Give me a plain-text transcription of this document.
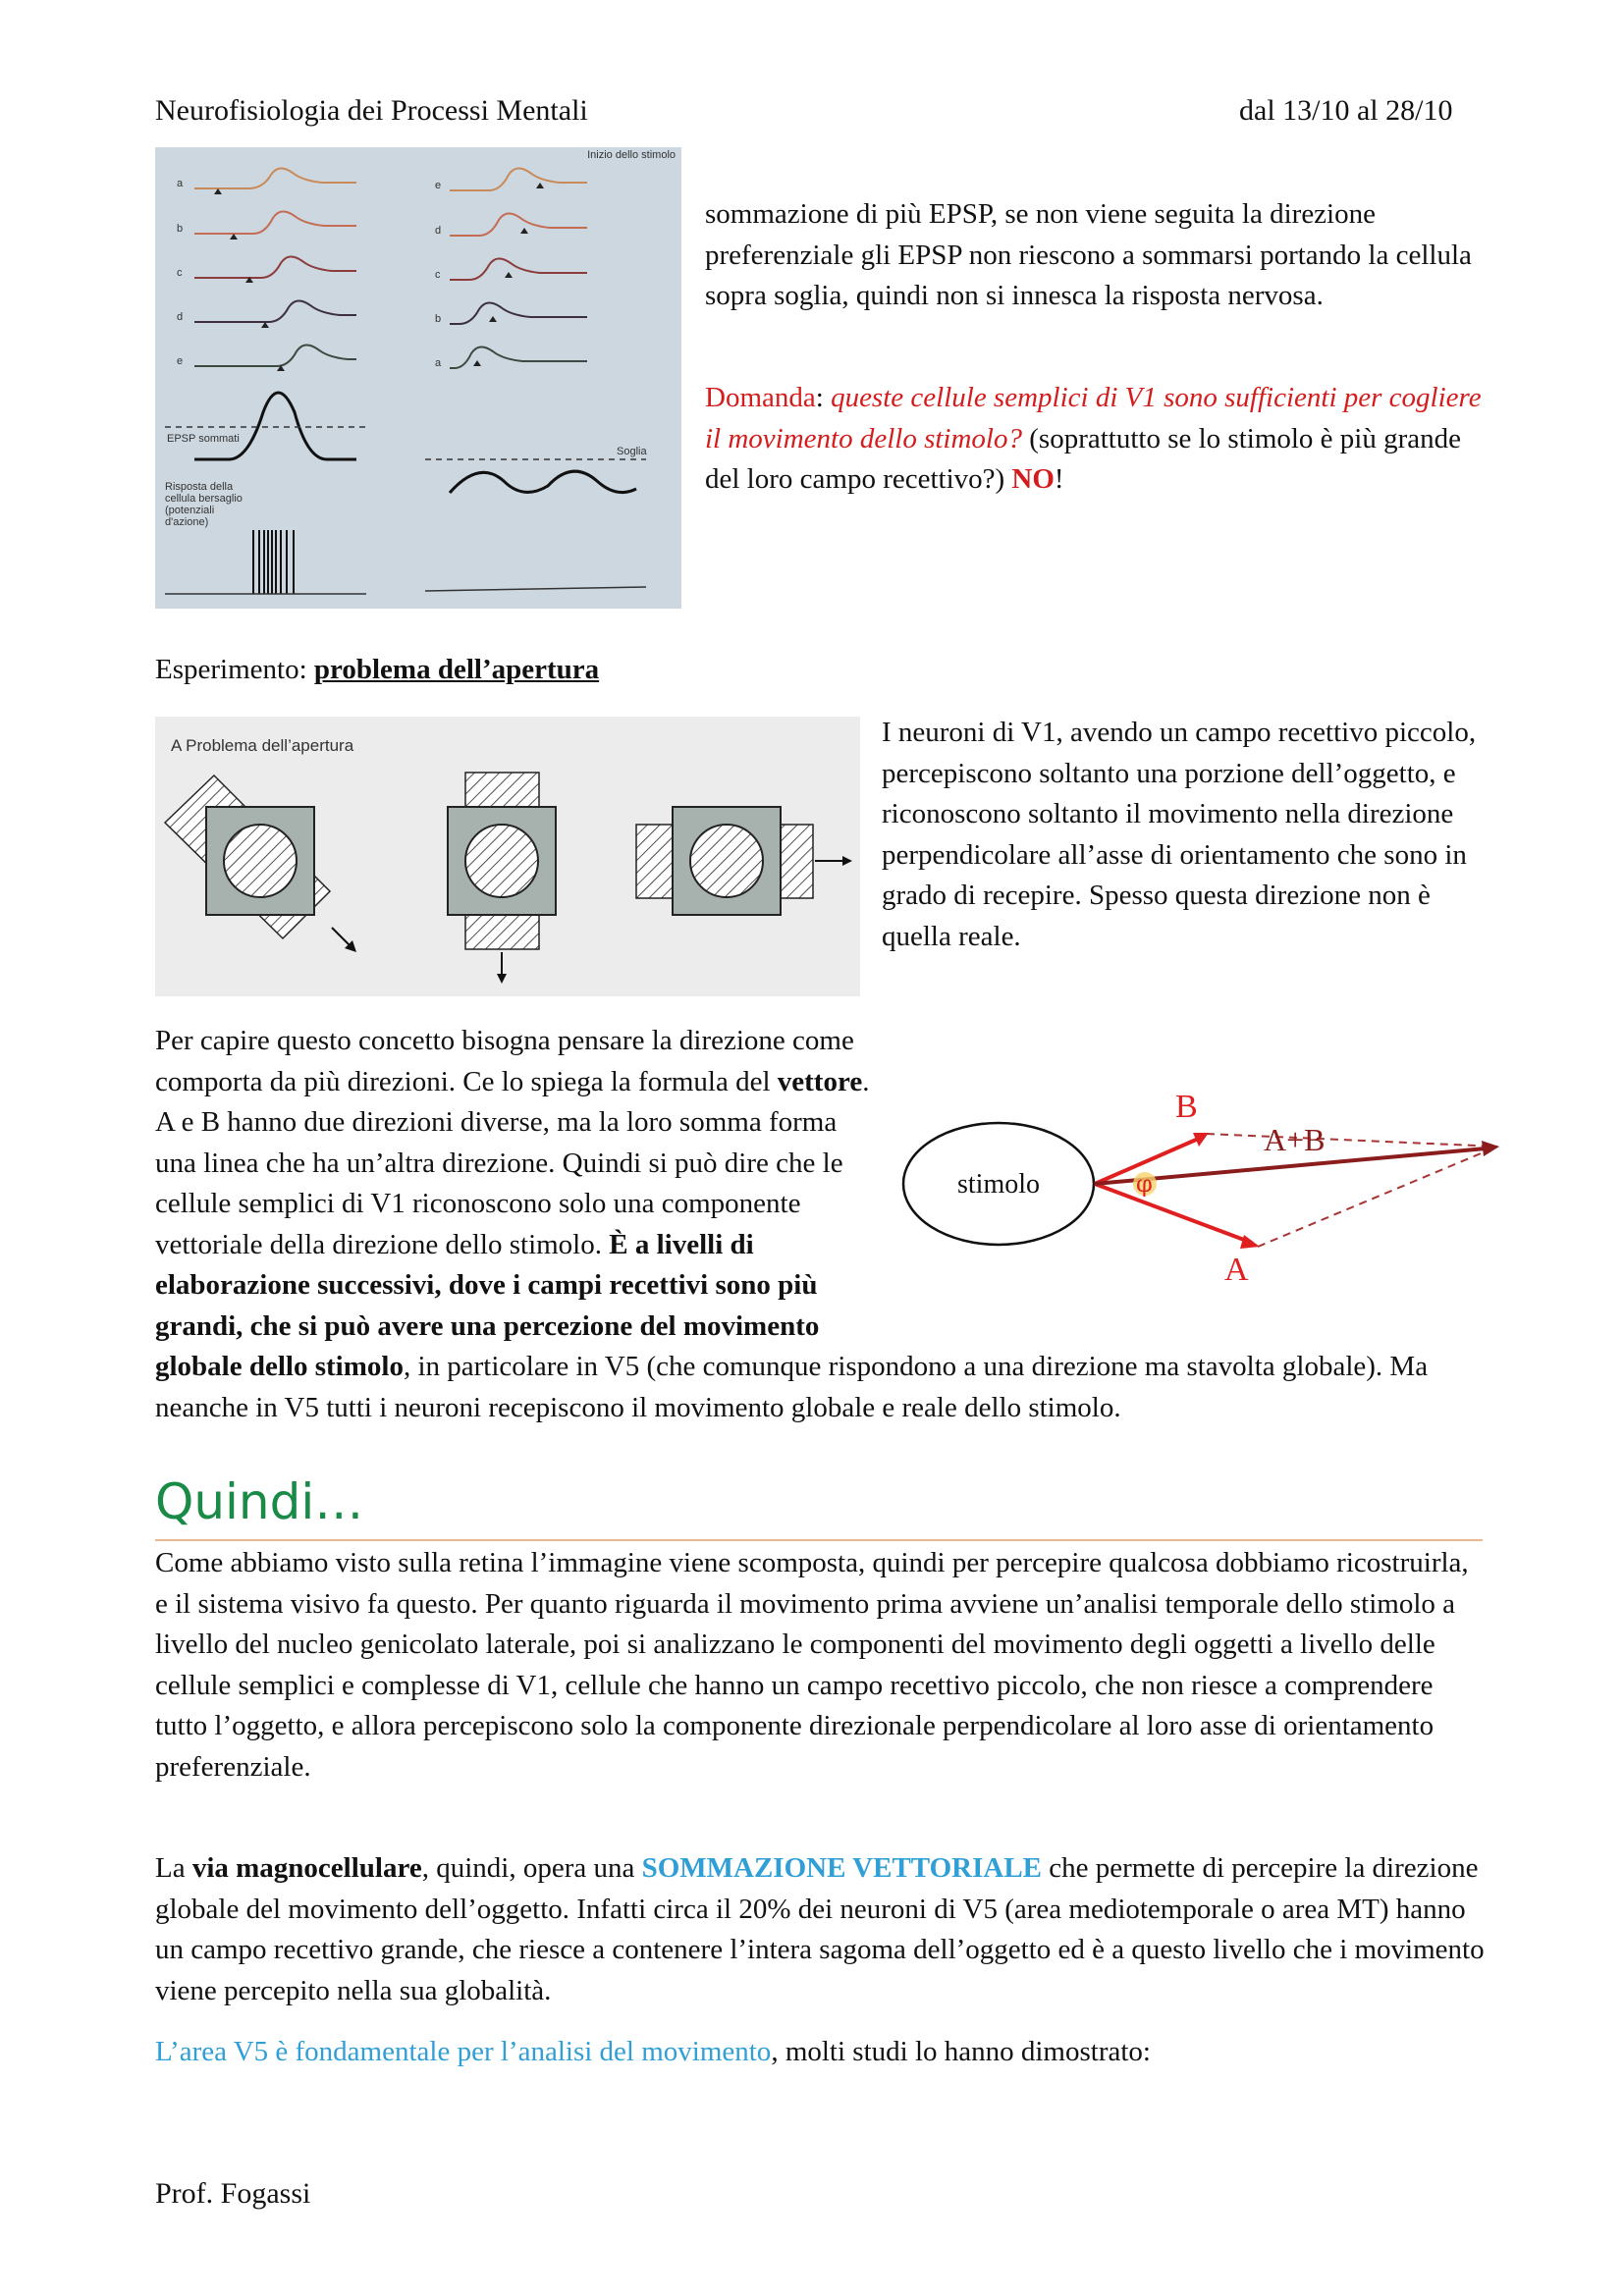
Neurofisiologia dei Processi Mentali	dal 13/10 al 28/10
a
b
c
d
e
EPSP sommati
Risposta della cellula bersaglio (potenziali d'azione)
e
d
c
b
a
Inizio dello stimolo
Soglia
sommazione di più EPSP, se non viene seguita la direzione preferenziale gli EPSP non riescono a sommarsi portando la cellula sopra soglia, quindi non si innesca la risposta nervosa.
Domanda: queste cellule semplici di V1 sono sufficienti per cogliere il movimento dello stimolo? (soprattutto se lo stimolo è più grande del loro campo recettivo?) NO!
Esperimento: problema dell’apertura
A Problema dell’apertura	I neuroni di V1, avendo un campo recettivo piccolo, percepiscono soltanto una porzione dell’oggetto, e riconoscono soltanto il movimento nella direzione perpendicolare all’asse di orientamento che sono in grado di recepire. Spesso questa direzione non è quella reale.
Per capire questo concetto bisogna pensare la direzione come comporta da più direzioni. Ce lo spiega la formula del vettore. A e B hanno due direzioni diverse, ma la loro somma forma una linea che ha un’altra direzione. Quindi si può dire che le cellule semplici di V1 riconoscono solo una componente vettoriale della direzione dello stimolo. È a livelli di elaborazione successivi, dove i campi recettivi sono più grandi, che si può avere una percezione del movimento globale dello stimolo, in particolare in V5 (che comunque rispondono a una direzione ma stavolta globale). Ma neanche in V5 tutti i neuroni recepiscono il movimento globale e reale dello stimolo.
stimolo	φ
B
A
A+B
Quindi…
Come abbiamo visto sulla retina l’immagine viene scomposta, quindi per percepire qualcosa dobbiamo ricostruirla, e il sistema visivo fa questo. Per quanto riguarda il movimento prima avviene un’analisi temporale dello stimolo a livello del nucleo genicolato laterale, poi si analizzano le componenti del movimento degli oggetti a livello delle cellule semplici e complesse di V1, cellule che hanno un campo recettivo piccolo, che non riesce a comprendere tutto l’oggetto, e allora percepiscono solo la componente direzionale perpendicolare al loro asse di orientamento preferenziale.
La via magnocellulare, quindi, opera una SOMMAZIONE VETTORIALE che permette di percepire la direzione globale del movimento dell’oggetto. Infatti circa il 20% dei neuroni di V5 (area mediotemporale o area MT) hanno un campo recettivo grande, che riesce a contenere l’intera sagoma dell’oggetto ed è a questo livello che i movimento viene percepito nella sua globalità.
L’area V5 è fondamentale per l’analisi del movimento, molti studi lo hanno dimostrato:
Prof. Fogassi
